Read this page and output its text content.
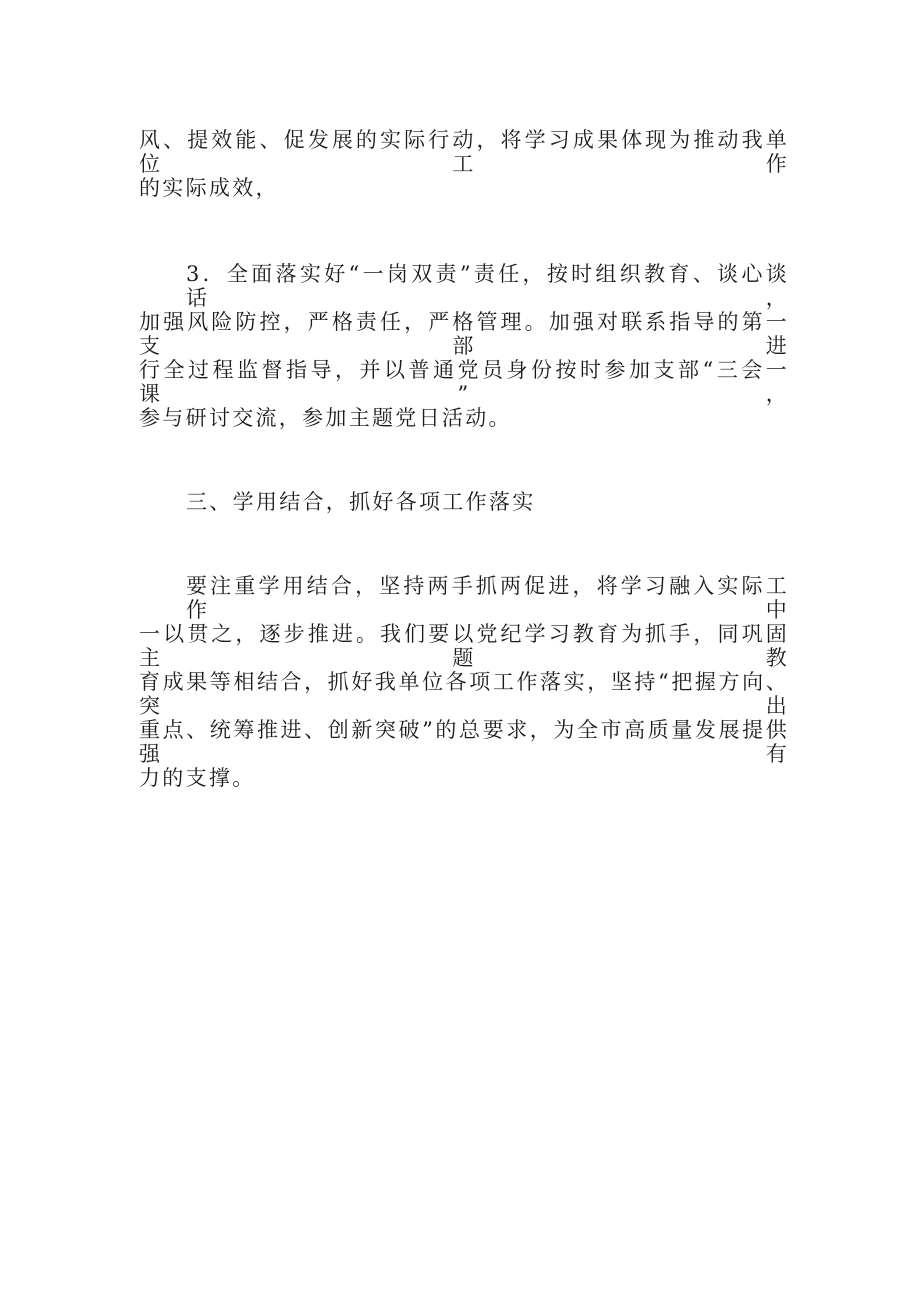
风、提效能、促发展的实际行动，将学习成果体现为推动我单位工作
的实际成效，
3．全面落实好“一岗双责”责任，按时组织教育、谈心谈话，
加强风险防控，严格责任，严格管理。加强对联系指导的第一支部进
行全过程监督指导，并以普通党员身份按时参加支部“三会一课”，
参与研讨交流，参加主题党日活动。
三、学用结合，抓好各项工作落实
要注重学用结合，坚持两手抓两促进，将学习融入实际工作中
一以贯之，逐步推进。我们要以党纪学习教育为抓手，同巩固主题教
育成果等相结合，抓好我单位各项工作落实，坚持“把握方向、突出
重点、统筹推进、创新突破”的总要求，为全市高质量发展提供强有
力的支撑。
